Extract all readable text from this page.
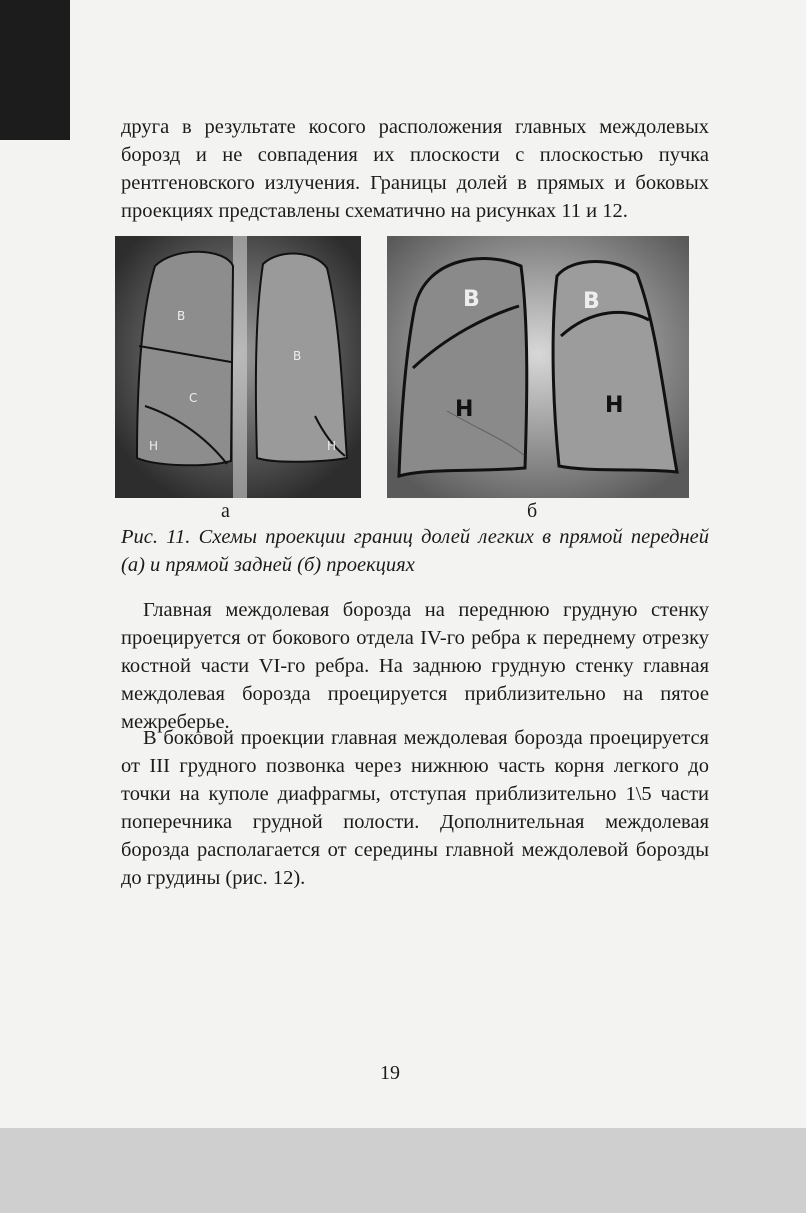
друга в результате косого расположения главных междолевых борозд и не совпадения их плоскости с плоскостью пучка рентгеновского излучения. Границы долей в прямых и боковых проекциях представлены схематично на рисунках 11 и 12.

B
C
H
B
H
B
H
B
H
а	б

Рис. 11. Схемы проекции границ долей легких в прямой передней (а) и прямой задней (б) проекциях

Главная междолевая борозда на переднюю грудную стенку проецируется от бокового отдела IV-го ребра к переднему отрезку костной части VI-го ребра. На заднюю грудную стенку главная междолевая борозда проецируется приблизительно на пятое межреберье.

В боковой проекции главная междолевая борозда проецируется от III грудного позвонка через нижнюю часть корня легкого до точки на куполе диафрагмы, отступая приблизительно 1\5 части поперечника грудной полости. Дополнительная междолевая борозда располагается от середины главной междолевой борозды до грудины (рис. 12).

19
